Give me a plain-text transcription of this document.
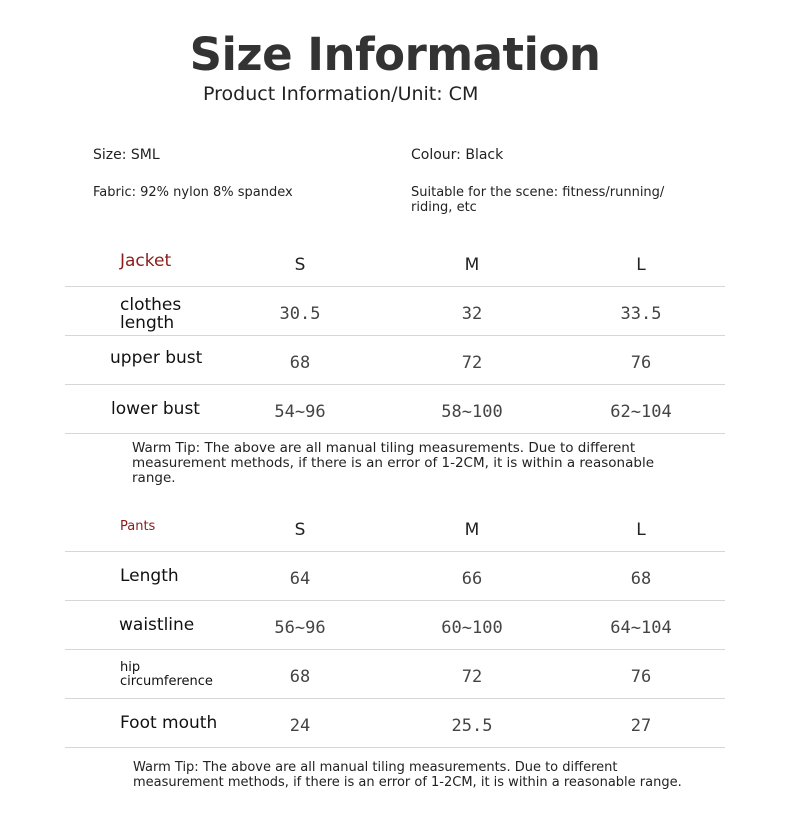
Size Information
Product Information/Unit: CM
Size: SML	Colour: Black
Fabric: 92% nylon 8% spandex	Suitable for the scene: fitness/running/
riding, etc
Jacket	S	M	L
clothes
length	30.5	32	33.5
upper bust	68	72	76
lower bust	54~96	58~100	62~104
Warm Tip: The above are all manual tiling measurements. Due to different
measurement methods, if there is an error of 1-2CM, it is within a reasonable
range.
Pants	S	M	L
Length	64	66	68
waistline	56~96	60~100	64~104
hip
circumference	68	72	76
Foot mouth	24	25.5	27
Warm Tip: The above are all manual tiling measurements. Due to different
measurement methods, if there is an error of 1-2CM, it is within a reasonable range.
